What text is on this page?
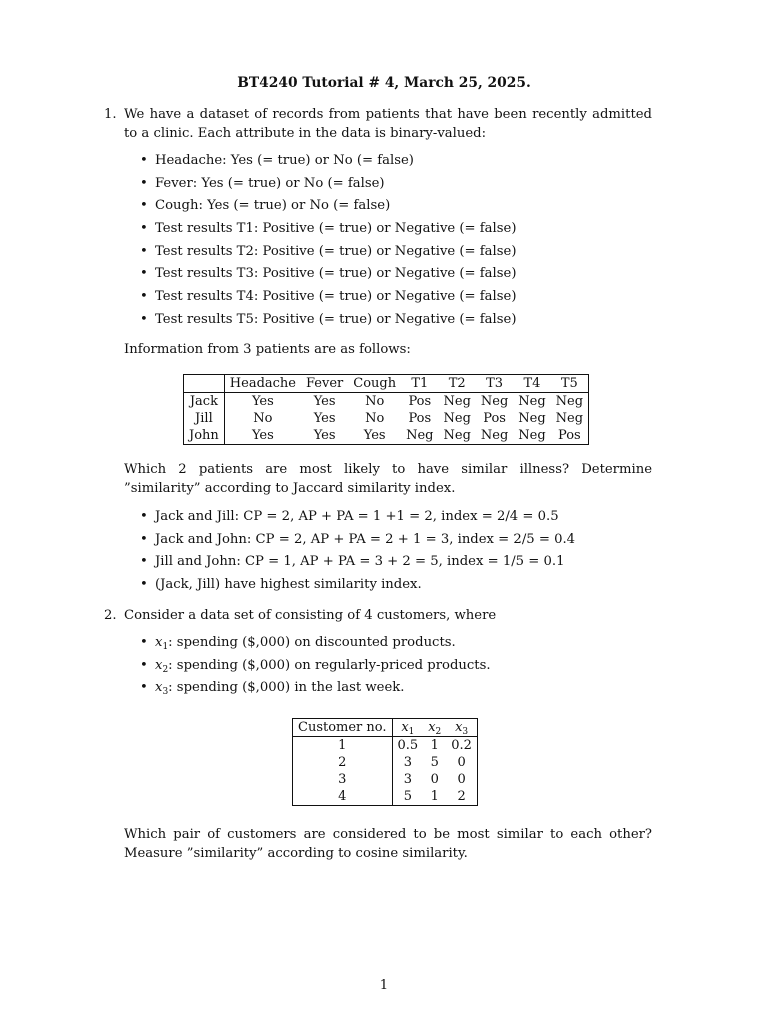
BT4240 Tutorial # 4, March 25, 2025.
1. We have a dataset of records from patients that have been recently admitted to a clinic. Each attribute in the data is binary-valued:
• Headache: Yes (= true) or No (= false)
• Fever: Yes (= true) or No (= false)
• Cough: Yes (= true) or No (= false)
• Test results T1: Positive (= true) or Negative (= false)
• Test results T2: Positive (= true) or Negative (= false)
• Test results T3: Positive (= true) or Negative (= false)
• Test results T4: Positive (= true) or Negative (= false)
• Test results T5: Positive (= true) or Negative (= false)
Information from 3 patients are as follows:
	Headache	Fever	Cough	T1	T2	T3	T4	T5
Jack	Yes	Yes	No	Pos	Neg	Neg	Neg	Neg
Jill	No	Yes	No	Pos	Neg	Pos	Neg	Neg
John	Yes	Yes	Yes	Neg	Neg	Neg	Neg	Pos
Which 2 patients are most likely to have similar illness? Determine ”similarity” according to Jaccard similarity index.
• Jack and Jill: CP = 2, AP + PA = 1 +1 = 2, index = 2/4 = 0.5
• Jack and John: CP = 2, AP + PA = 2 + 1 = 3, index = 2/5 = 0.4
• Jill and John: CP = 1, AP + PA = 3 + 2 = 5, index = 1/5 = 0.1
• (Jack, Jill) have highest similarity index.
2. Consider a data set of consisting of 4 customers, where
• $x_1$: spending ($,000) on discounted products.
• $x_2$: spending ($,000) on regularly-priced products.
• $x_3$: spending ($,000) in the last week.
Customer no.	$x_1$	$x_2$	$x_3$
1	0.5	1	0.2
2	3	5	0
3	3	0	0
4	5	1	2
Which pair of customers are considered to be most similar to each other? Measure ”similarity” according to cosine similarity.
1
